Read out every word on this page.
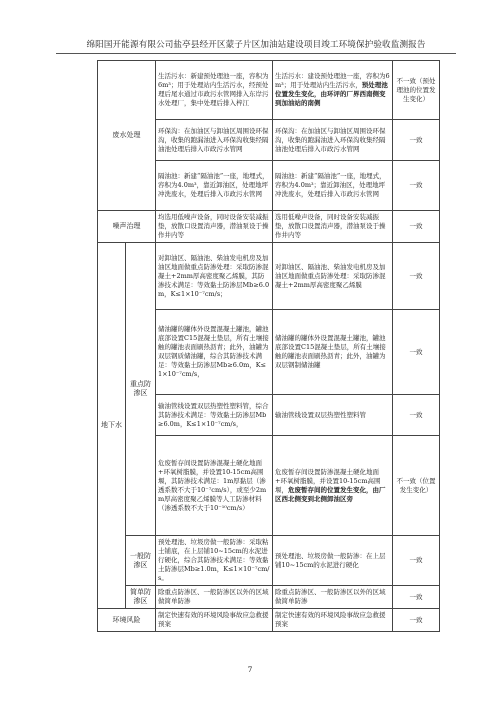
绵阳国开能源有限公司盐亭县经开区蒙子片区加油站建设项目竣工环境保护验收监测报告
废水处理		生活污水：新建预处理池一座，容积为6m³；用于处理站内生活污水，经预处理后尾水通过市政污水管网排入东岸污水处理厂，集中处理后排入梓江	生活污水：建设预处理池一座，容积为6m³；用于处理站内生活污水，预处理池位置发生变化，由环评的厂界西南侧变到加油站的南侧	不一致（预处理池的位置发生变化）
		环保沟：在加油区与卸油区周围设环保沟，收集的跑漏油进入环保沟收集经隔油池处理后排入市政污水管网	环保沟：在加油区与卸油区周围设环保沟，收集的跑漏油进入环保沟收集经隔油池处理后排入市政污水管网	一致
		隔油池：新建“隔油池”一座，地埋式，容积为4.0m³，靠近卸油区，处理地坪冲洗废水，处理后排入市政污水管网	隔油池：新建“隔油池”一座，地埋式，容积为4.0m³；靠近卸油区，处理地坪冲洗废水，处理后排入市政污水管网	一致
噪声治理		均选用低噪声设备，同时设备安装减振垫，放散口设置消声器，潜油泵设于操作井内等	选用低噪声设备，同时设备安装减振垫，放散口设置消声器，潜油泵设于操作井内等	一致
地下水	重点防渗区	对卸油区、隔油池、柴油发电机房及加油区地面做重点防渗处理：采取防渗混凝土+2mm厚高密度聚乙烯膜，其防渗技术满足：等效黏土防渗层Mb≥6.0m，K≤1×10⁻⁷cm/s；	对卸油区、隔油池、柴油发电机房及加油区地面做重点防渗处理：采取防渗混凝土+2mm厚高密度聚乙烯膜	一致
		储油罐的罐体外设置混凝土罐池，罐池底部设置C15混凝土垫层，所有土壤接触的罐池表面刷热沥青；此外，油罐为双层钢质储油罐，综合其防渗技术满足：等效黏土防渗层Mb≥6.0m，K≤1×10⁻⁷cm/s，	储油罐的罐体外设置混凝土罐池，罐池底部设置C15混凝土垫层，所有土壤接触的罐池表面刷热沥青；此外，油罐为双层钢制储油罐	一致
		输油管线设置双层热塑性塑料管，综合其防渗技术满足：等效黏土防渗层Mb≥6.0m，K≤1×10⁻⁷cm/s，	输油管线设置双层热塑性塑料管	一致
		危废暂存间设置防渗混凝土硬化地面+环氧树脂膜，并设置10-15cm高围堰，其防渗技术满足：1m厚黏层（渗透系数不大于10⁻⁷cm/s），或至少2mm厚高密度聚乙烯膜等人工防渗材料（渗透系数不大于10⁻¹⁰cm/s）	危废暂存间设置防渗混凝土硬化地面+环氧树脂膜，并设置10-15cm高围堰，危废暂存间的位置发生变化，由厂区西北侧变到北侧卸油区旁	不一致（位置发生变化）
	一般防渗区	预处理池、垃圾房做一般防渗：采取粘土铺底，在上层铺10~15cm的水泥进行硬化，综合其防渗技术满足：等效黏土防渗层Mb≥1.0m，K≤1×10⁻⁷cm/s。	预处理池、垃圾房做一般防渗：在上层铺10~15cm的水泥进行硬化	一致
	简单防渗区	除重点防渗区、一般防渗区以外的区域做简单防渗	除重点防渗区、一般防渗区以外的区域做简单防渗	一致
环境风险		制定快速有效的环境风险事故应急救援预案	制定快速有效的环境风险事故应急救援预案	一致
7
